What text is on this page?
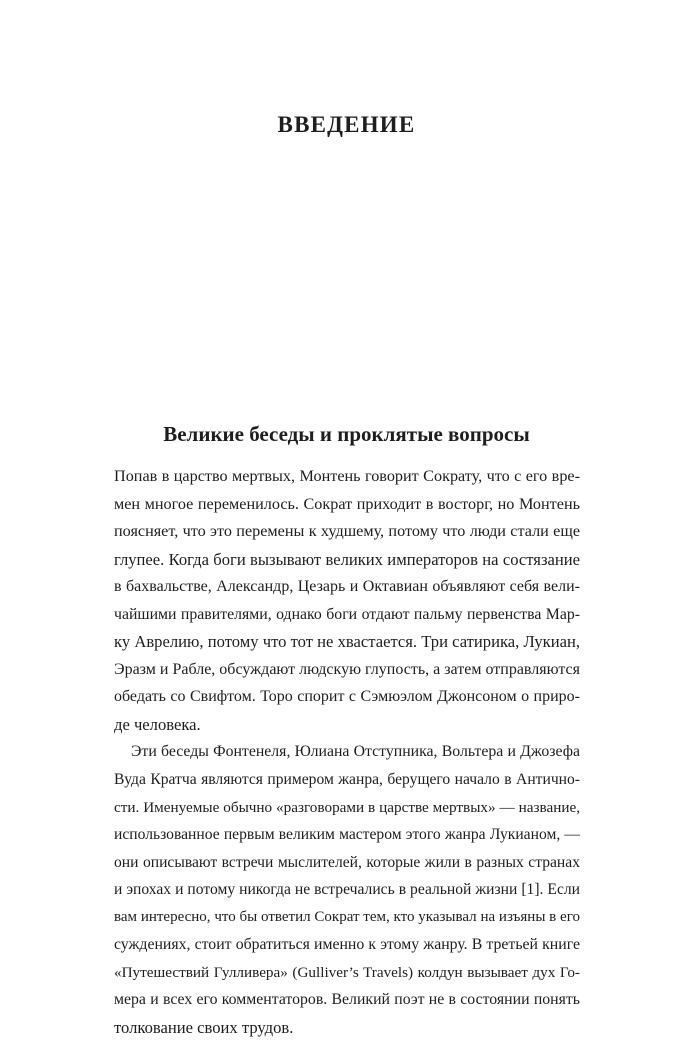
ВВЕДЕНИЕ
Великие беседы и проклятые вопросы
Попав в царство мертвых, Монтень говорит Сократу, что с его вре-
мен многое переменилось. Сократ приходит в восторг, но Монтень
поясняет, что это перемены к худшему, потому что люди стали еще
глупее. Когда боги вызывают великих императоров на состязание
в бахвальстве, Александр, Цезарь и Октавиан объявляют себя вели-
чайшими правителями, однако боги отдают пальму первенства Мар-
ку Аврелию, потому что тот не хвастается. Три сатирика, Лукиан,
Эразм и Рабле, обсуждают людскую глупость, а затем отправляются
обедать со Свифтом. Торо спорит с Сэмюэлом Джонсоном о приро-
де человека.
Эти беседы Фонтенеля, Юлиана Отступника, Вольтера и Джозефа
Вуда Кратча являются примером жанра, берущего начало в Антично-
сти. Именуемые обычно «разговорами в царстве мертвых» — название,
использованное первым великим мастером этого жанра Лукианом, —
они описывают встречи мыслителей, которые жили в разных странах
и эпохах и потому никогда не встречались в реальной жизни [1]. Если
вам интересно, что бы ответил Сократ тем, кто указывал на изъяны в его
суждениях, стоит обратиться именно к этому жанру. В третьей книге
«Путешествий Гулливера» (Gulliver’s Travels) колдун вызывает дух Го-
мера и всех его комментаторов. Великий поэт не в состоянии понять
толкование своих трудов.
